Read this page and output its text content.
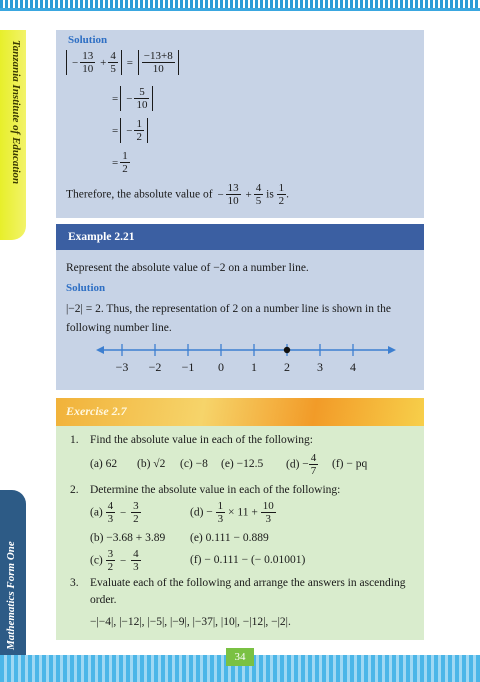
Tanzania Institute of Education
Mathematics Form One
Solution
− $\frac{13}{10} + \frac{4}{5} = \frac{-13+8}{10}$
= − $\frac{5}{10}$
= − $\frac{1}{2}$
= $\frac{1}{2}$
Therefore, the absolute value of − $\frac{13}{10} + \frac{4}{5}$ is $\frac{1}{2}$ .
Example 2.21
Represent the absolute value of −2 on a number line.
Solution
|−2| = 2. Thus, the representation of 2 on a number line is shown in the
following number line.
−3 −2 −1 0 1 2 3 4
Exercise 2.7
1. Find the absolute value in each of the following:
(a) 62 (b) √2 (c) −8 (e) −12.5 $(d) - \frac{4}{7} (f)$ − pq
2. Determine the absolute value in each of the following:
$(a) \frac{4}{3} - \frac{3}{2}$	$(d) - \frac{1}{3} \times 11 + \frac{10}{3}$
(b) −3.68 + 3.89 (e) 0.111 − 0.889
$(c) \frac{3}{2} - \frac{4}{3}$	(f) − 0.111 − (− 0.01001)
3. Evaluate each of the following and arrange the answers in ascending
order.
−|−4|, |−12|, |−5|, |−9|, |−37|, |10|, −|12|, −|2|.
34
